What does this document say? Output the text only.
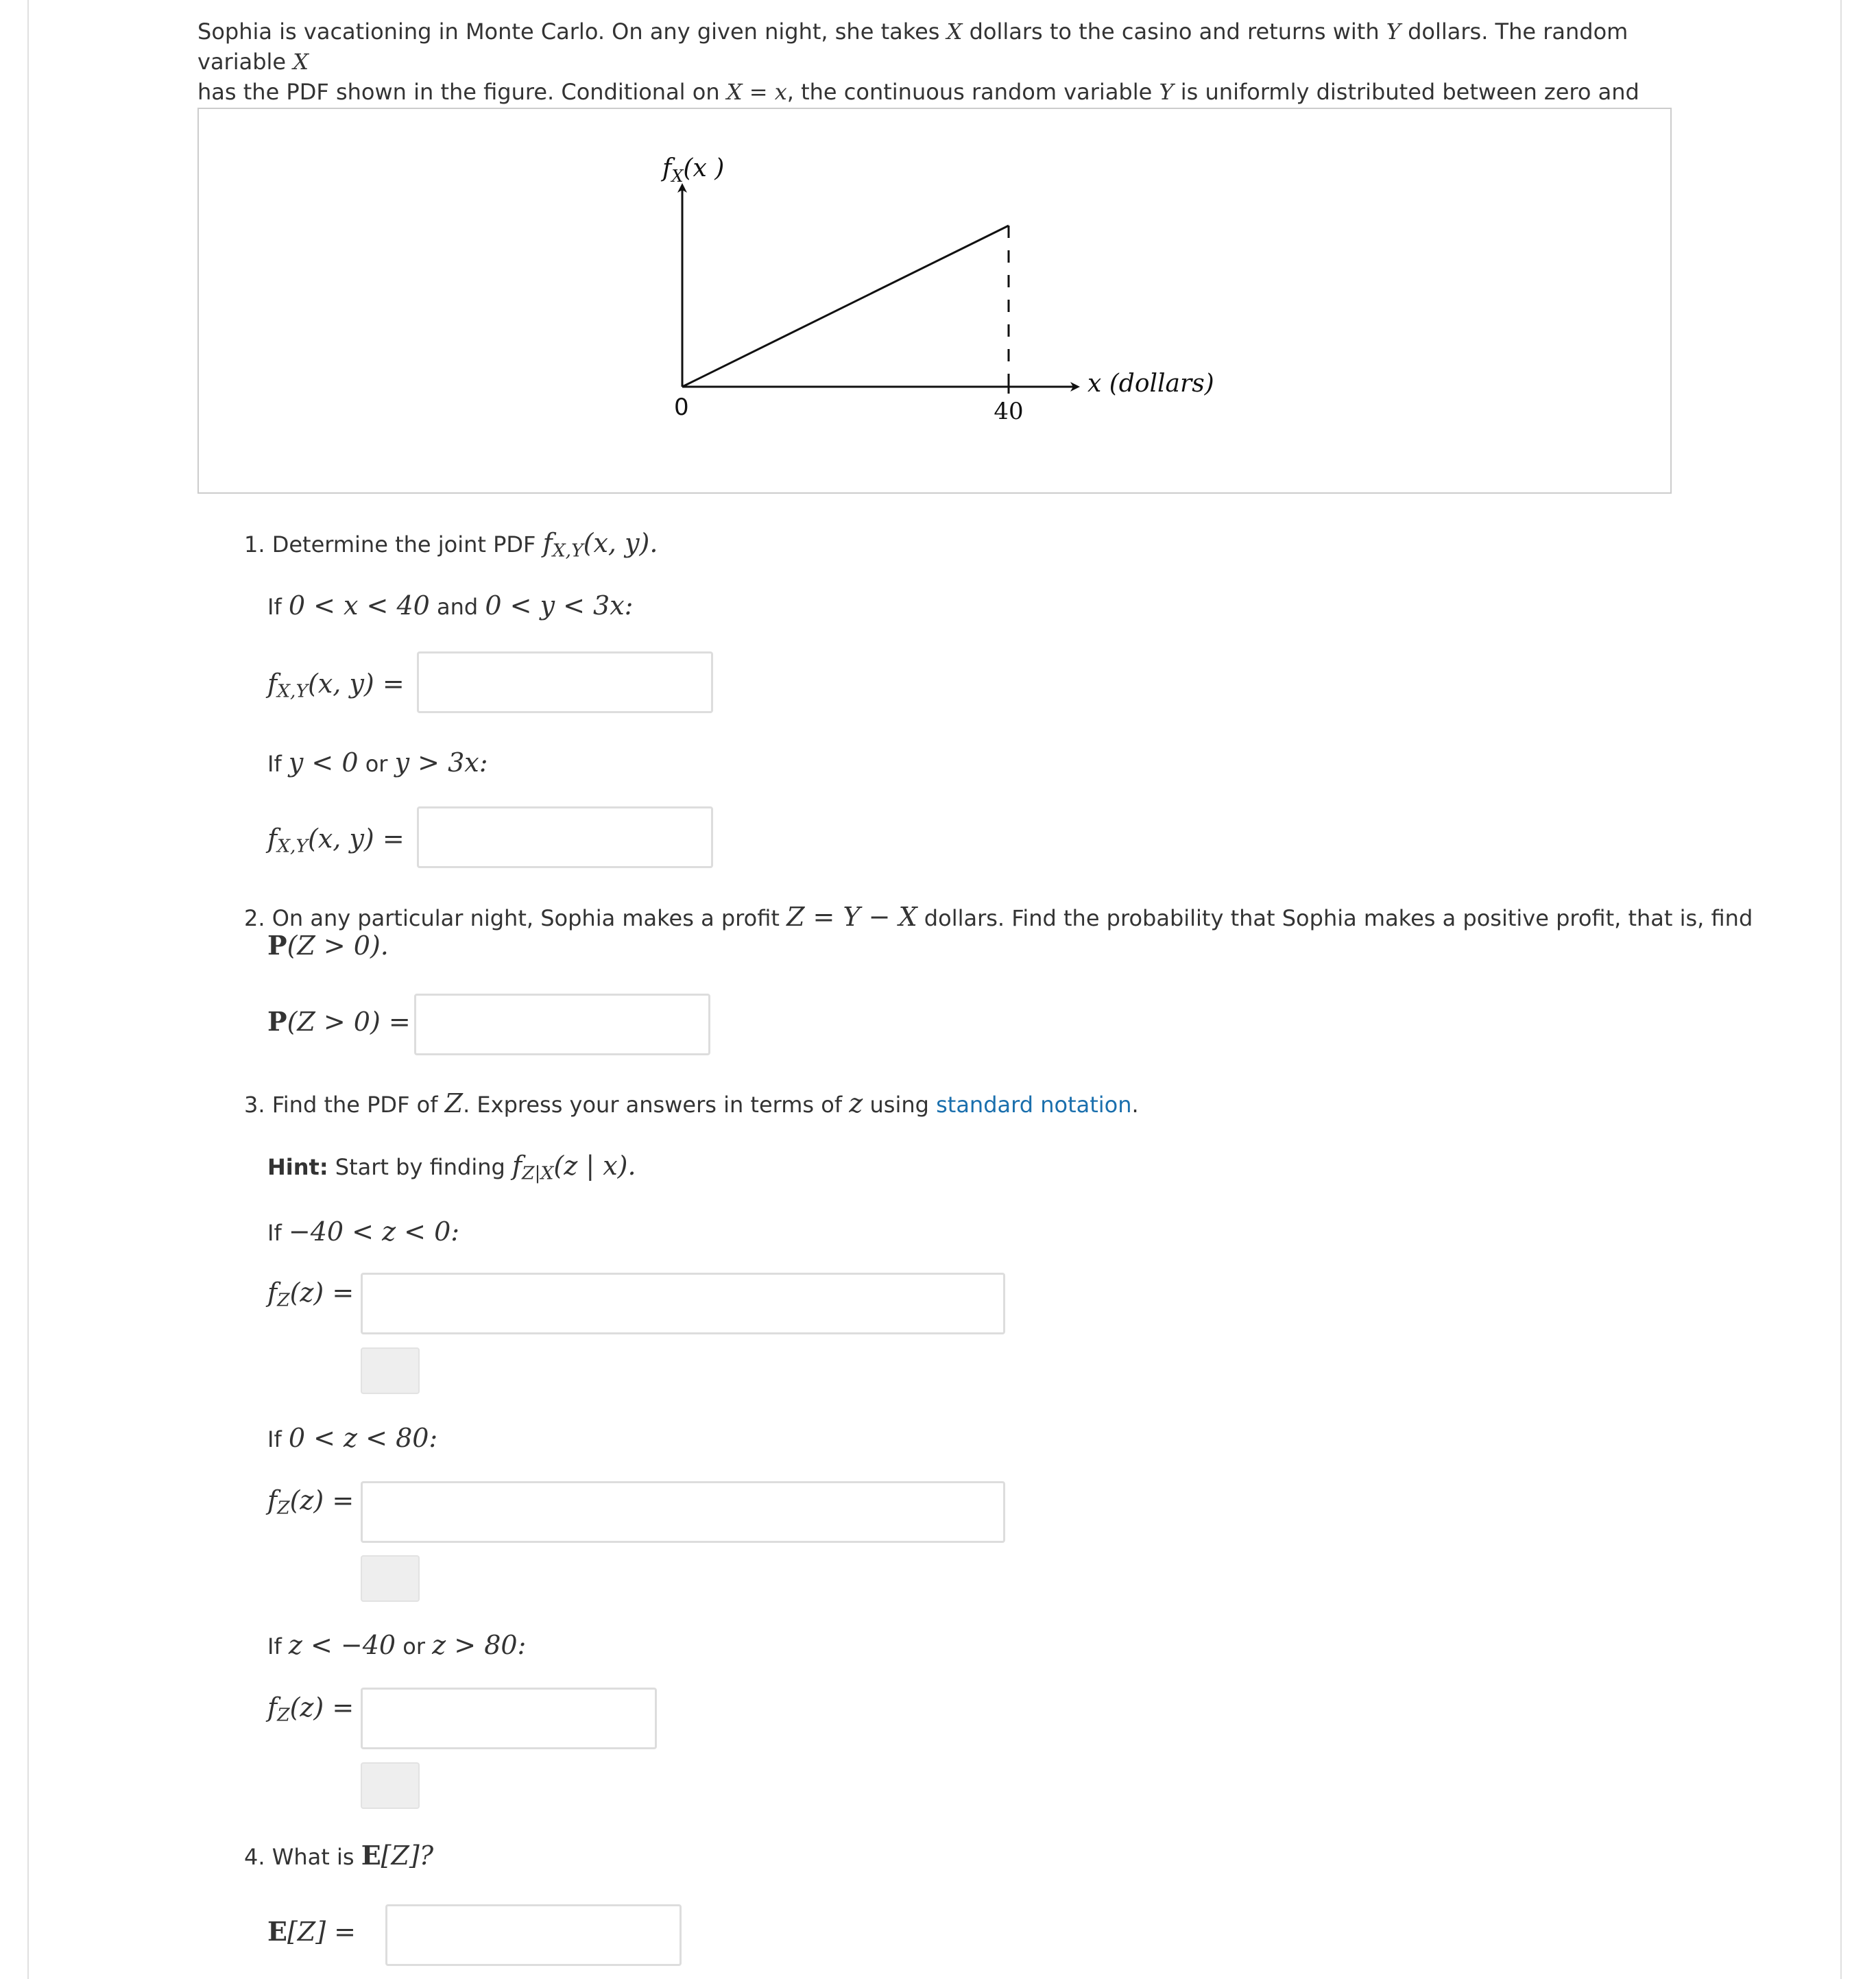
Sophia is vacationing in Monte Carlo. On any given night, she takes X dollars to the casino and returns with Y dollars. The random variable X
has the PDF shown in the figure. Conditional on X = x, the continuous random variable Y is uniformly distributed between zero and
$f_X(x$ )
x (dollars)
0	40
1. Determine the joint PDF $f_{X,Y}(x$, y).
If 0 < x < 40 and 0 < y < 3x:
$f_{X,Y}(x$, y) =
If y < 0 or y > 3x:
$f_{X,Y}(x$, y) =
2. On any particular night, Sophia makes a profit Z = Y − X dollars. Find the probability that Sophia makes a positive profit, that is, find
P(Z > 0).
P(Z > 0) =
3. Find the PDF of Z. Express your answers in terms of z using standard notation.
Hint: Start by finding $f_{Z|X}(z$ | x).
If −40 < z < 0:
$f_Z(z)$ =
If 0 < z < 80:
$f_Z(z)$ =
If z < −40 or z > 80:
$f_Z(z)$ =
4. What is E[Z]?
E[Z] =
